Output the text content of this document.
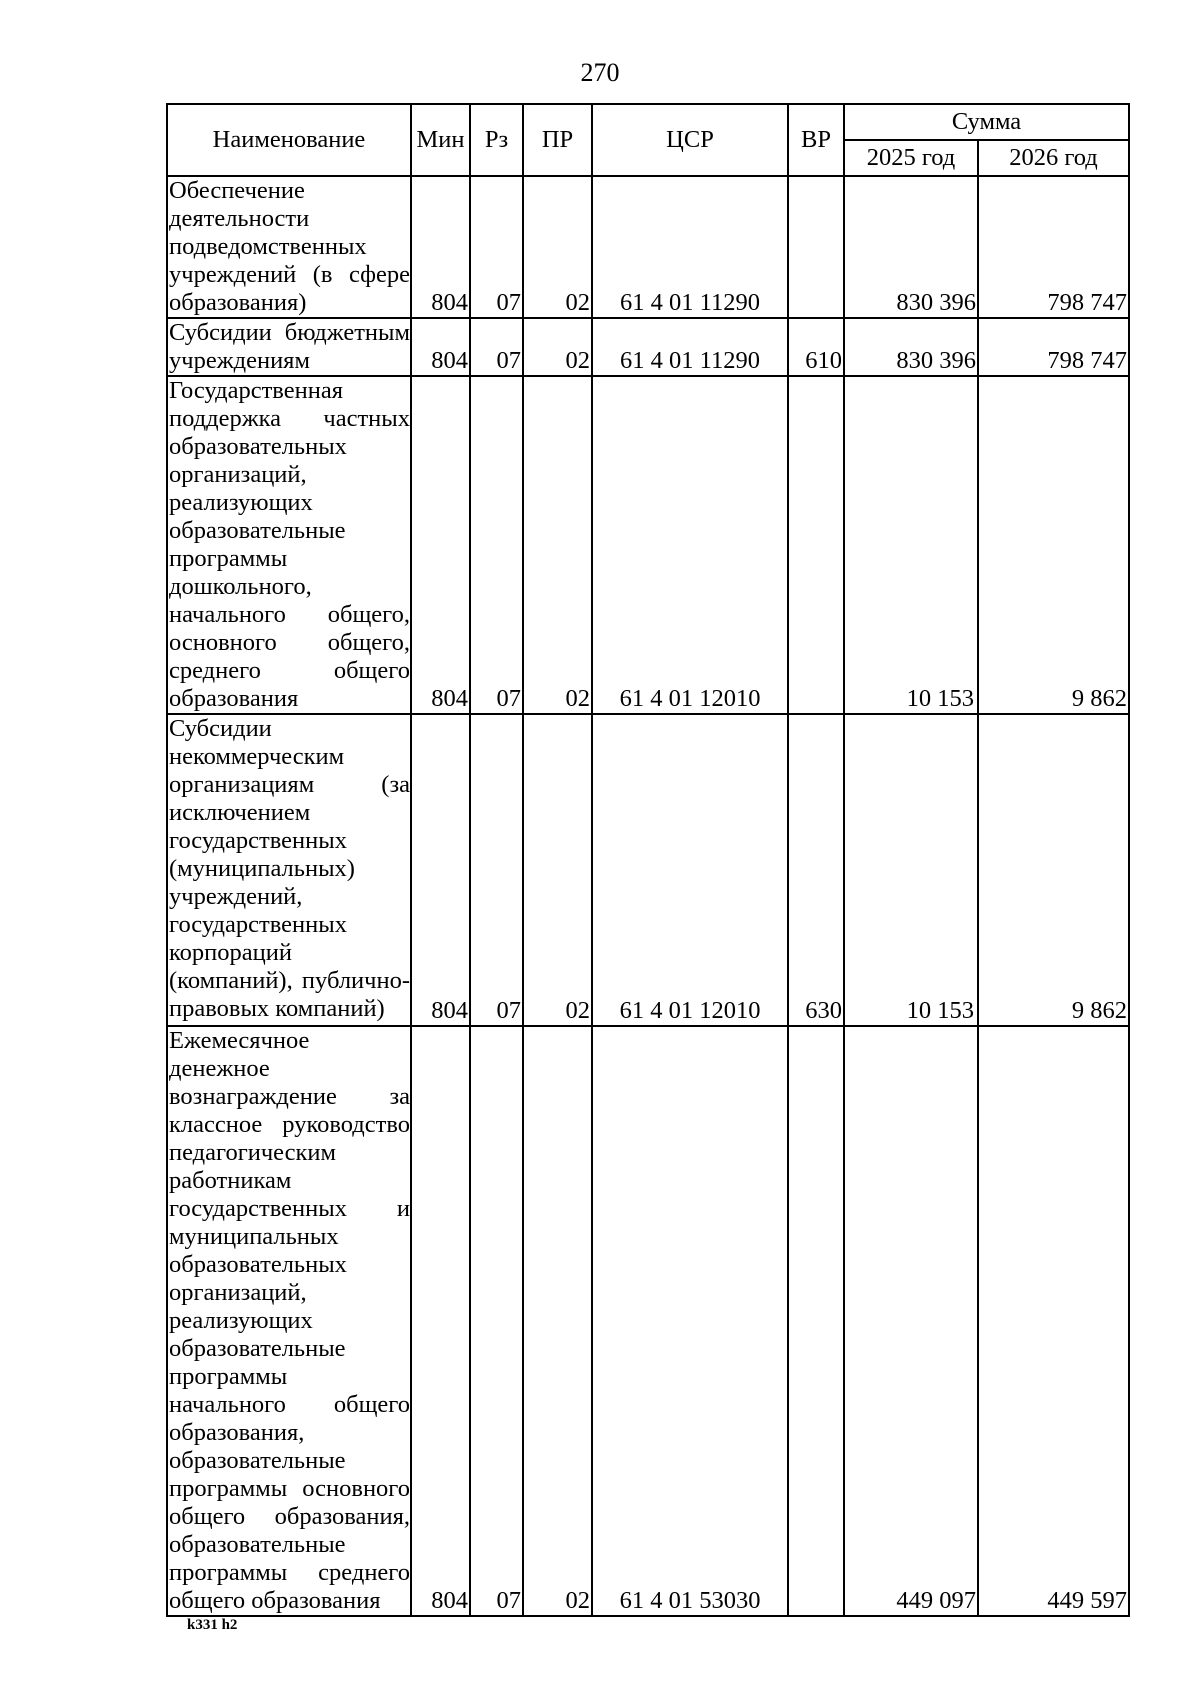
270
Наименование	Мин	Рз	ПР	ЦСР	ВР	Сумма	
						2025 год	2026 год
Обеспечение деятельности подведомственных учреждений (в сфере образования)	804	07	02	61 4 01 11290		830 396	798 747
Субсидии бюджетным учреждениям	804	07	02	61 4 01 11290	610	830 396	798 747
Государственная поддержка частных образовательных организаций, реализующих образовательные программы дошкольного, начального общего, основного общего, среднего общего образования	804	07	02	61 4 01 12010		10 153	9 862
Субсидии некоммерческим организациям (за исключением государственных (муниципальных) учреждений, государственных корпораций (компаний), публично-правовых компаний)	804	07	02	61 4 01 12010	630	10 153	9 862
Ежемесячное денежное вознаграждение за классное руководство педагогическим работникам государственных и муниципальных образовательных организаций, реализующих образовательные программы начального общего образования, образовательные программы основного общего образования, образовательные программы среднего общего образования	804	07	02	61 4 01 53030		449 097	449 597
k331 h2
